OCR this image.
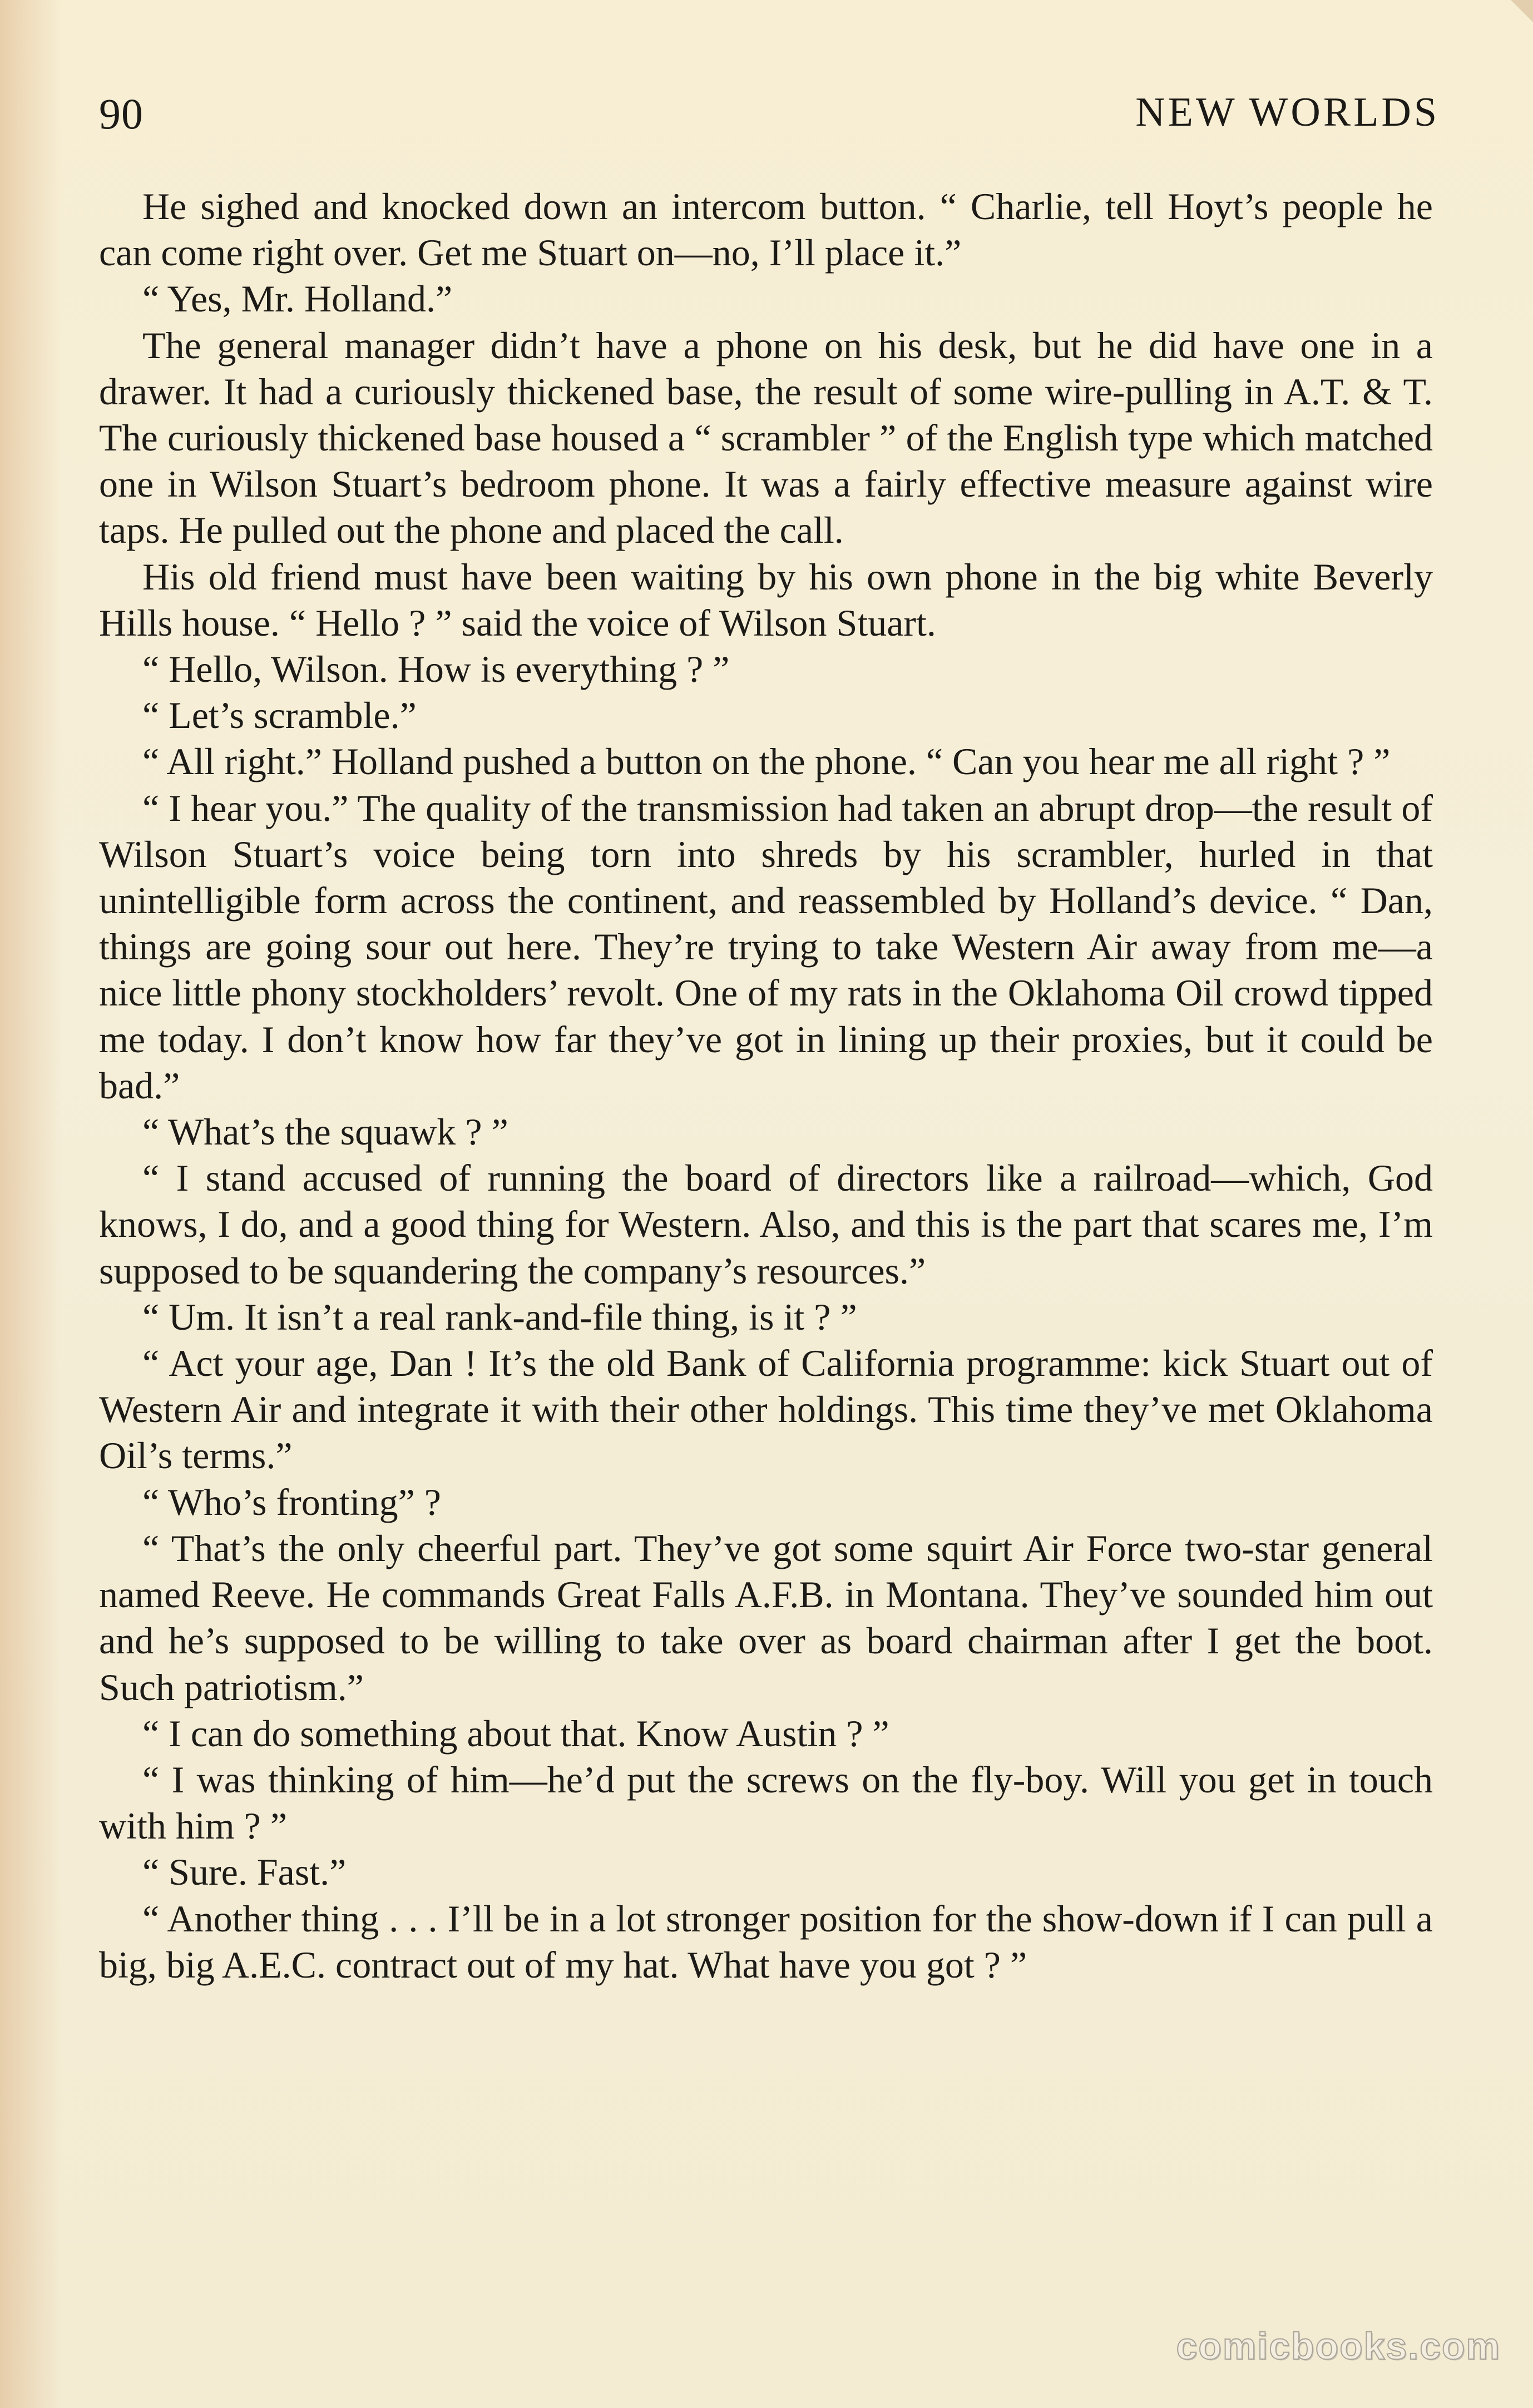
90	NEW WORLDS

He sighed and knocked down an intercom button. “ Charlie, tell Hoyt’s people he can come right over. Get me Stuart on—no, I’ll place it.”

“ Yes, Mr. Holland.”

The general manager didn’t have a phone on his desk, but he did have one in a drawer. It had a curiously thickened base, the result of some wire-pulling in A.T. & T. The curiously thickened base housed a “ scrambler ” of the English type which matched one in Wilson Stuart’s bedroom phone. It was a fairly effective measure against wire taps. He pulled out the phone and placed the call.

His old friend must have been waiting by his own phone in the big white Beverly Hills house. “ Hello ? ” said the voice of Wilson Stuart.

“ Hello, Wilson. How is everything ? ”

“ Let’s scramble.”

“ All right.” Holland pushed a button on the phone. “ Can you hear me all right ? ”

“ I hear you.” The quality of the transmission had taken an abrupt drop—the result of Wilson Stuart’s voice being torn into shreds by his scrambler, hurled in that unintelligible form across the continent, and reassembled by Holland’s device. “ Dan, things are going sour out here. They’re trying to take Western Air away from me—a nice little phony stockholders’ revolt. One of my rats in the Oklahoma Oil crowd tipped me today. I don’t know how far they’ve got in lining up their proxies, but it could be bad.”

“ What’s the squawk ? ”

“ I stand accused of running the board of directors like a railroad—which, God knows, I do, and a good thing for Western. Also, and this is the part that scares me, I’m supposed to be squandering the company’s resources.”

“ Um. It isn’t a real rank-and-file thing, is it ? ”

“ Act your age, Dan ! It’s the old Bank of California programme: kick Stuart out of Western Air and integrate it with their other holdings. This time they’ve met Oklahoma Oil’s terms.”

“ Who’s fronting” ?

“ That’s the only cheerful part. They’ve got some squirt Air Force two-star general named Reeve. He commands Great Falls A.F.B. in Montana. They’ve sounded him out and he’s supposed to be willing to take over as board chairman after I get the boot. Such patriotism.”

“ I can do something about that. Know Austin ? ”

“ I was thinking of him—he’d put the screws on the fly-boy. Will you get in touch with him ? ”

“ Sure. Fast.”

“ Another thing . . . I’ll be in a lot stronger position for the show-down if I can pull a big, big A.E.C. contract out of my hat. What have you got ? ”

comicbooks.com
